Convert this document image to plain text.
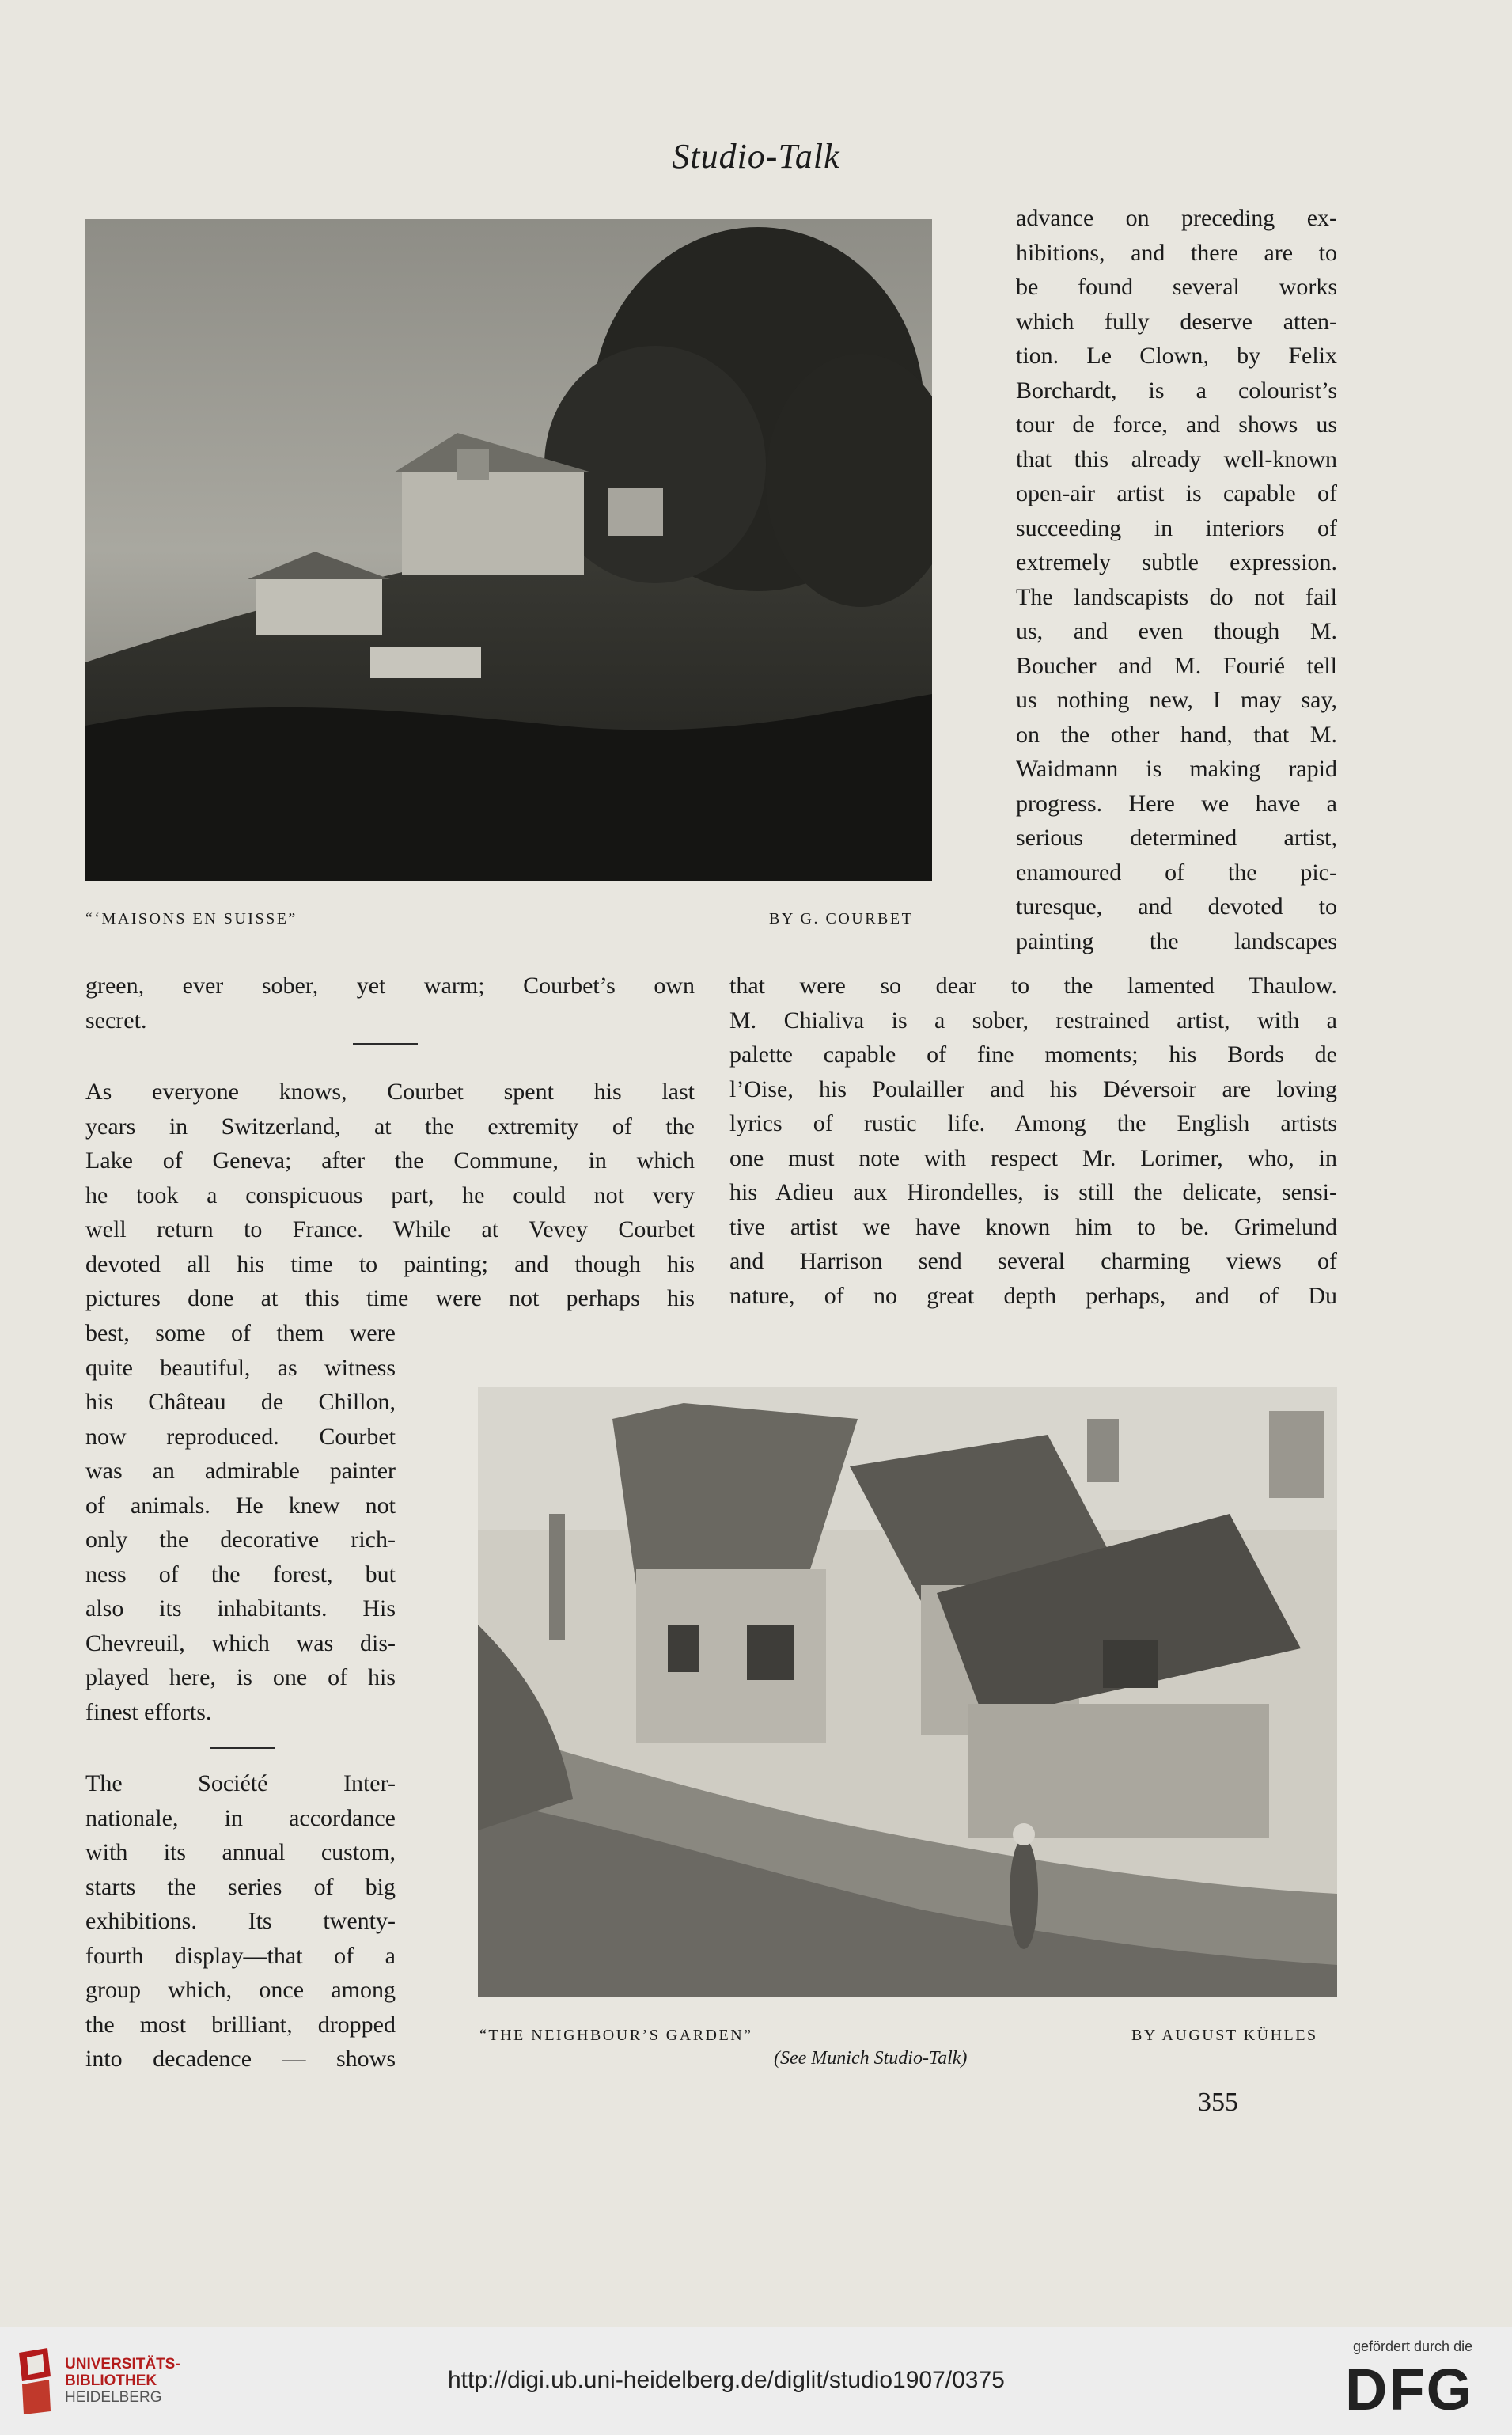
Studio-Talk
“‘MAISONS EN SUISSE”	BY G. COURBET

advance on preceding ex-
hibitions, and there are to
be found several works
which fully deserve atten-
tion. Le Clown, by Felix
Borchardt, is a colourist’s
tour de force, and shows us
that this already well-known
open-air artist is capable of
succeeding in interiors of
extremely subtle expression.
The landscapists do not fail
us, and even though M.
Boucher and M. Fourié tell
us nothing new, I may say,
on the other hand, that M.
Waidmann is making rapid
progress. Here we have a
serious determined artist,
enamoured of the pic-
turesque, and devoted to
painting the landscapes

green, ever sober, yet warm; Courbet’s own
secret.

As everyone knows, Courbet spent his last
years in Switzerland, at the extremity of the
Lake of Geneva; after the Commune, in which
he took a conspicuous part, he could not very
well return to France. While at Vevey Courbet
devoted all his time to painting; and though his
pictures done at this time were not perhaps his

that were so dear to the lamented Thaulow.
M. Chialiva is a sober, restrained artist, with a
palette capable of fine moments; his Bords de
l’Oise, his Poulailler and his Déversoir are loving
lyrics of rustic life. Among the English artists
one must note with respect Mr. Lorimer, who, in
his Adieu aux Hirondelles, is still the delicate, sensi-
tive artist we have known him to be. Grimelund
and Harrison send several charming views of
nature, of no great depth perhaps, and of Du

best, some of them were
quite beautiful, as witness
his Château de Chillon,
now reproduced. Courbet
was an admirable painter
of animals. He knew not
only the decorative rich-
ness of the forest, but
also its inhabitants. His
Chevreuil, which was dis-
played here, is one of his
finest efforts.

The Société Inter-
nationale, in accordance
with its annual custom,
starts the series of big
exhibitions. Its twenty-
fourth display—that of a
group which, once among
the most brilliant, dropped
into decadence — shows

“THE NEIGHBOUR’S GARDEN”	BY AUGUST KÜHLES
(See Munich Studio-Talk)
355
UNIVERSITÄTS-
BIBLIOTHEK
HEIDELBERG
http://digi.ub.uni-heidelberg.de/diglit/studio1907/0375
gefördert durch die
DFG
